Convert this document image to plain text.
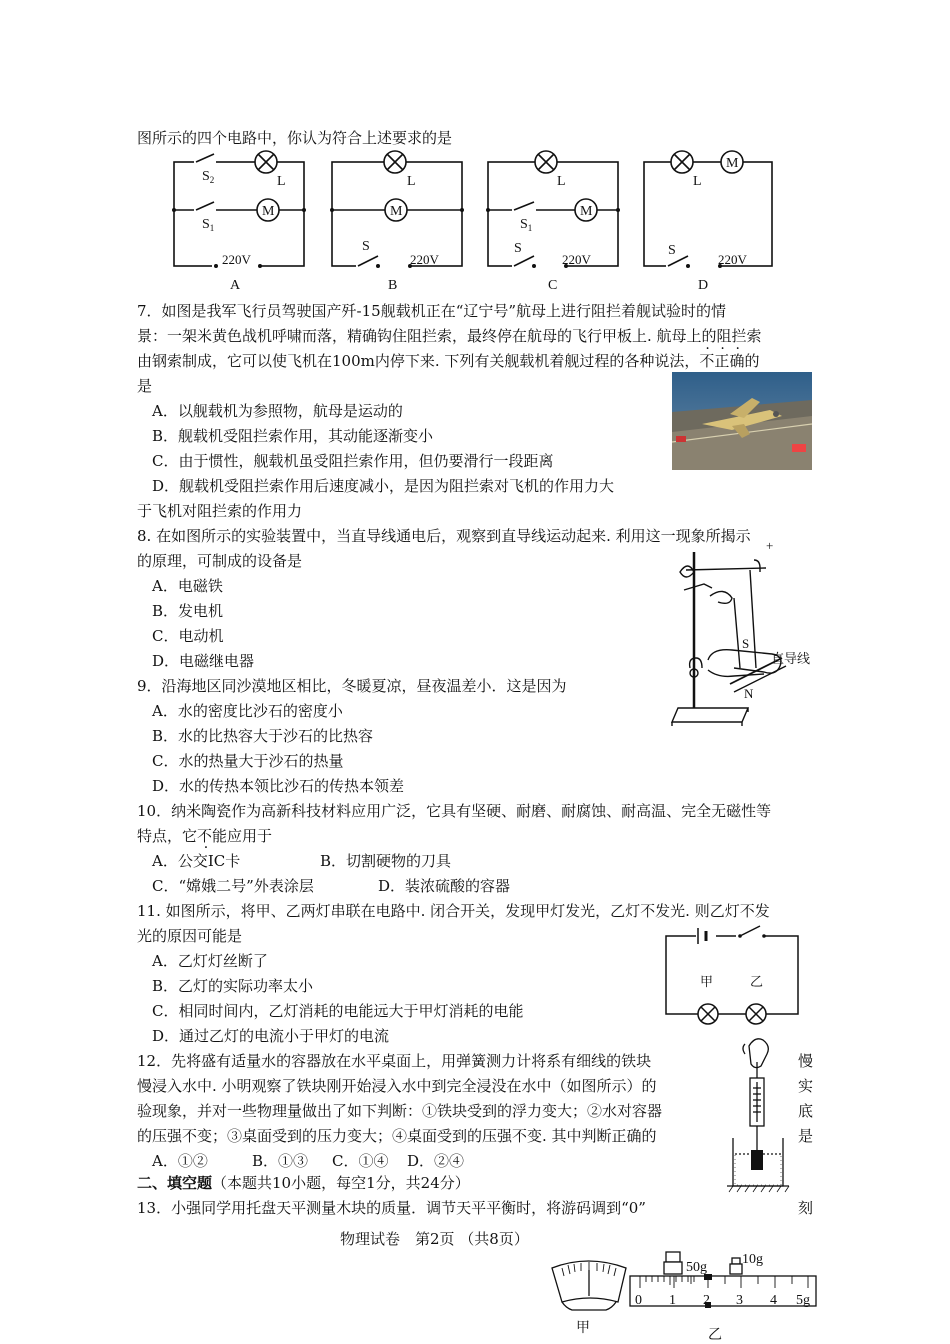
图所示的四个电路中，你认为符合上述要求的是
$S_2$	L
M
$S_1$
220V
L
M
S
220V
L
M
$S_1$
S
220V
L
M
S
220V
A	B	C	D
7．如图是我军飞行员驾驶国产歼-15舰载机正在“辽宁号”航母上进行阻拦着舰试验时的情
景：一架米黄色战机呼啸而落，精确钩住阻拦索，最终停在航母的飞行甲板上. 航母上的阻拦索
由钢索制成，它可以使飞机在100m内停下来. 下列有关舰载机着舰过程的各种说法，不正确的
是
A．以舰载机为参照物，航母是运动的
B．舰载机受阻拦索作用，其动能逐渐变小
C．由于惯性，舰载机虽受阻拦索作用，但仍要滑行一段距离
D．舰载机受阻拦索作用后速度减小，是因为阻拦索对飞机的作用力大
于飞机对阻拦索的作用力
8. 在如图所示的实验装置中，当直导线通电后，观察到直导线运动起来. 利用这一现象所揭示
的原理，可制成的设备是
A．电磁铁
B．发电机
C．电动机
D．电磁继电器
+
S
N
直导线
9．沿海地区同沙漠地区相比，冬暖夏凉，昼夜温差小．这是因为
A．水的密度比沙石的密度小
B．水的比热容大于沙石的比热容
C．水的热量大于沙石的热量
D．水的传热本领比沙石的传热本领差
10．纳米陶瓷作为高新科技材料应用广泛，它具有坚硬、耐磨、耐腐蚀、耐高温、完全无磁性等
特点，它不能应用于
A．公交IC卡	B．切割硬物的刀具
C．“嫦娥二号”外表涂层	D．装浓硫酸的容器
11. 如图所示，将甲、乙两灯串联在电路中. 闭合开关，发现甲灯发光，乙灯不发光. 则乙灯不发
光的原因可能是
A．乙灯灯丝断了
B．乙灯的实际功率太小
C．相同时间内，乙灯消耗的电能远大于甲灯消耗的电能
D．通过乙灯的电流小于甲灯的电流
甲	乙
12．先将盛有适量水的容器放在水平桌面上，用弹簧测力计将系有细线的铁块
慢浸入水中. 小明观察了铁块刚开始浸入水中到完全浸没在水中（如图所示）的
验现象，并对一些物理量做出了如下判断：①铁块受到的浮力变大；②水对容器
的压强不变；③桌面受到的压力变大；④桌面受到的压强不变. 其中判断正确的
慢
实
底
是
A．①②	B．①③ C．①④ D．②④
二、填空题（本题共10小题，每空1分，共24分）
13．小强同学用托盘天平测量木块的质量．调节天平平衡时，将游码调到“0”	刻
物理试卷　第2页 （共8页）
甲
50g
10g
0 1 2 3 4 5g
乙
